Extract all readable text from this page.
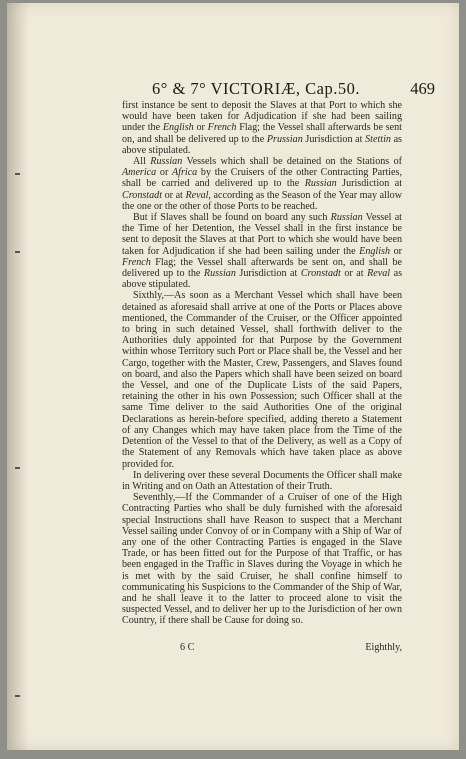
6° & 7° VICTORIÆ, Cap.50.	469

first instance be sent to deposit the Slaves at that Port to which she would have been taken for Adjudication if she had been sailing under the English or French Flag; the Vessel shall afterwards be sent on, and shall be delivered up to the Prussian Jurisdiction at Stettin as above stipulated.

All Russian Vessels which shall be detained on the Stations of America or Africa by the Cruisers of the other Contracting Parties, shall be carried and delivered up to the Russian Jurisdiction at Cronstadt or at Reval, according as the Season of the Year may allow the one or the other of those Ports to be reached.

But if Slaves shall be found on board any such Russian Vessel at the Time of her Detention, the Vessel shall in the first instance be sent to deposit the Slaves at that Port to which she would have been taken for Adjudication if she had been sailing under the English or French Flag; the Vessel shall afterwards be sent on, and shall be delivered up to the Russian Jurisdiction at Cronstadt or at Reval as above stipulated.

Sixthly,—As soon as a Merchant Vessel which shall have been detained as aforesaid shall arrive at one of the Ports or Places above mentioned, the Commander of the Cruiser, or the Officer appointed to bring in such detained Vessel, shall forthwith deliver to the Authorities duly appointed for that Purpose by the Government within whose Territory such Port or Place shall be, the Vessel and her Cargo, together with the Master, Crew, Passengers, and Slaves found on board, and also the Papers which shall have been seized on board the Vessel, and one of the Duplicate Lists of the said Papers, retaining the other in his own Possession; such Officer shall at the same Time deliver to the said Authorities One of the original Declarations as herein-before specified, adding thereto a Statement of any Changes which may have taken place from the Time of the Detention of the Vessel to that of the Delivery, as well as a Copy of the Statement of any Removals which have taken place as above provided for.

In delivering over these several Documents the Officer shall make in Writing and on Oath an Attestation of their Truth.

Seventhly,—If the Commander of a Cruiser of one of the High Contracting Parties who shall be duly furnished with the aforesaid special Instructions shall have Reason to suspect that a Merchant Vessel sailing under Convoy of or in Company with a Ship of War of any one of the other Contracting Parties is engaged in the Slave Trade, or has been fitted out for the Purpose of that Traffic, or has been engaged in the Traffic in Slaves during the Voyage in which he is met with by the said Cruiser, he shall confine himself to communicating his Suspicions to the Commander of the Ship of War, and he shall leave it to the latter to proceed alone to visit the suspected Vessel, and to deliver her up to the Jurisdiction of her own Country, if there shall be Cause for doing so.

6 C	Eighthly,
